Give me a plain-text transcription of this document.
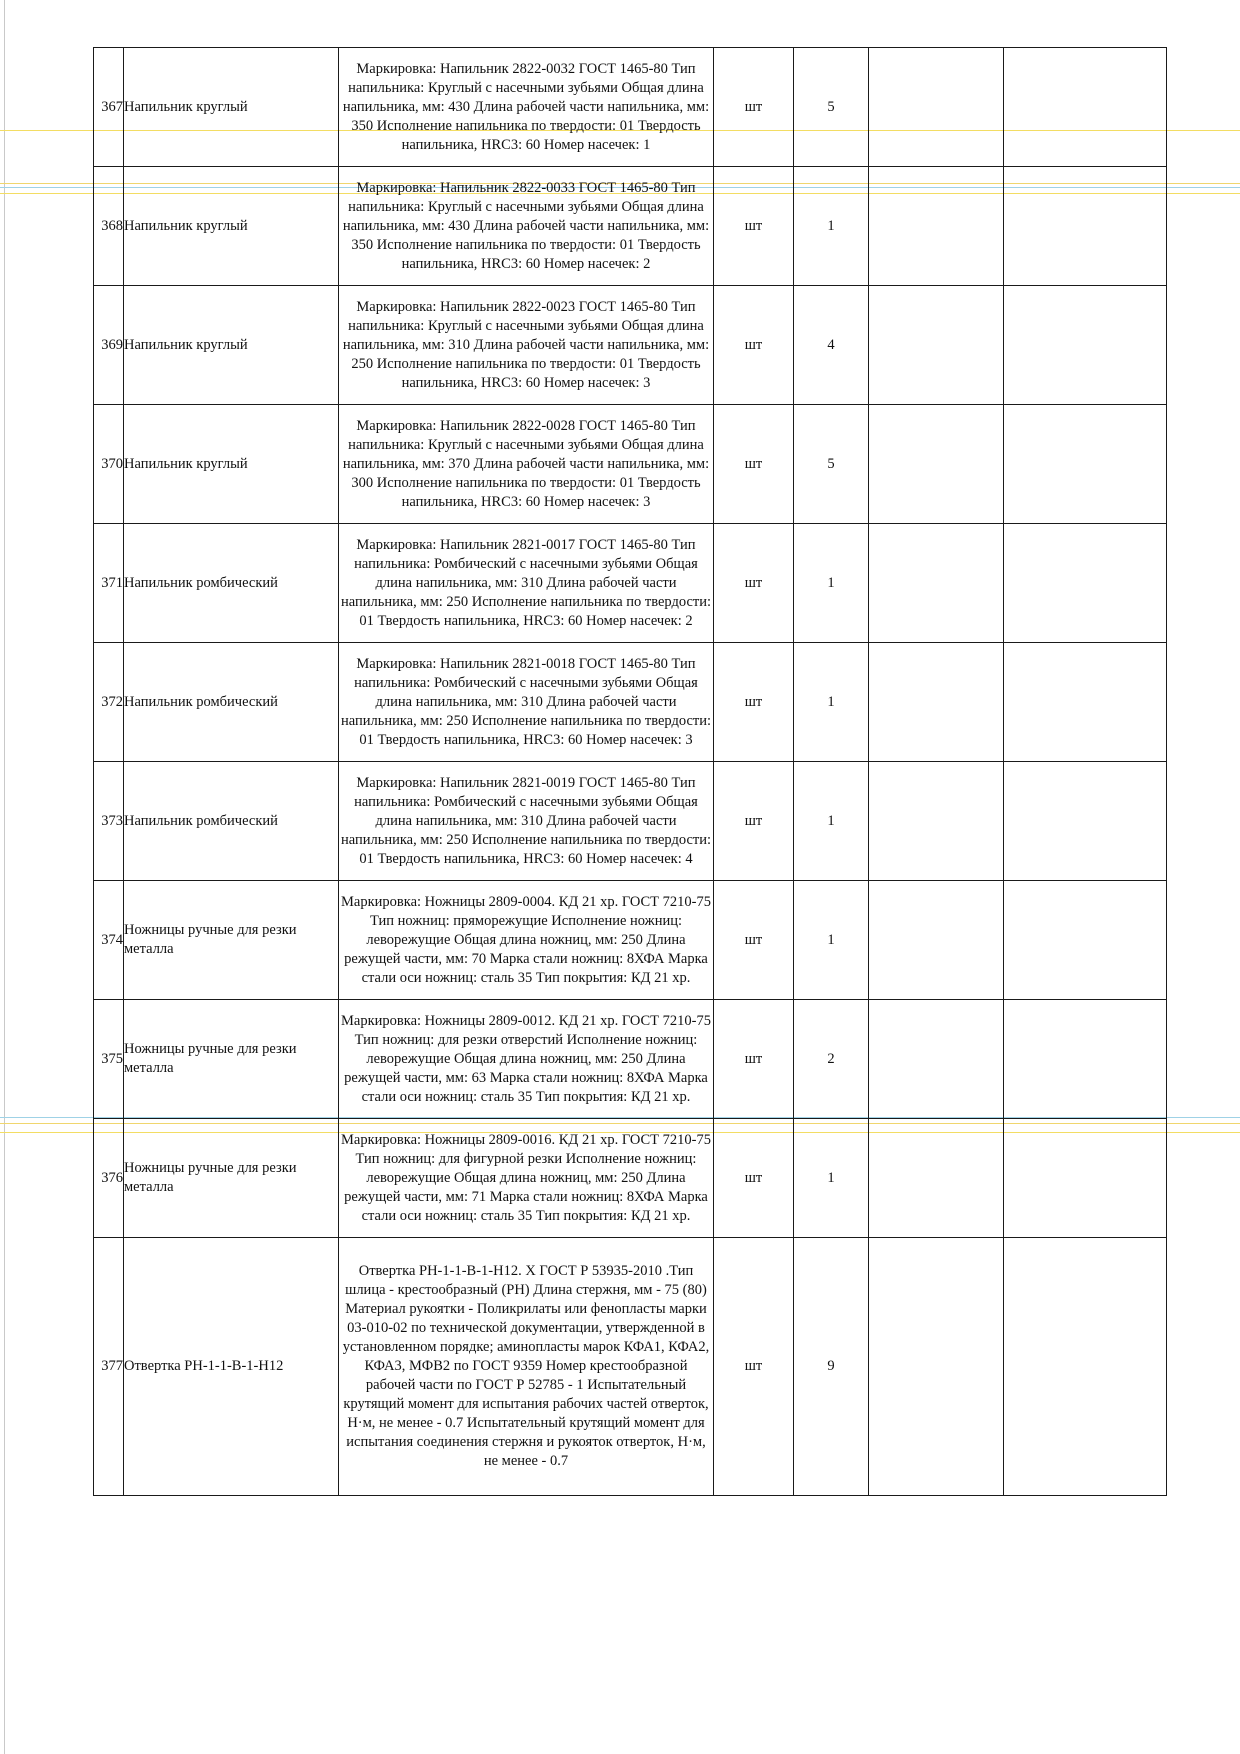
367	Напильник круглый	Маркировка: Напильник 2822-0032 ГОСТ 1465-80 Тип напильника: Круглый с насечными зубьями Общая длина напильника, мм: 430 Длина рабочей части напильника, мм: 350 Исполнение напильника по твердости: 01 Твердость напильника, HRC3: 60 Номер насечек: 1	шт	5		
368	Напильник круглый	Маркировка: Напильник 2822-0033 ГОСТ 1465-80 Тип напильника: Круглый с насечными зубьями Общая длина напильника, мм: 430 Длина рабочей части напильника, мм: 350 Исполнение напильника по твердости: 01 Твердость напильника, HRC3: 60 Номер насечек: 2	шт	1		
369	Напильник круглый	Маркировка: Напильник 2822-0023 ГОСТ 1465-80 Тип напильника: Круглый с насечными зубьями Общая длина напильника, мм: 310 Длина рабочей части напильника, мм: 250 Исполнение напильника по твердости: 01 Твердость напильника, HRC3: 60 Номер насечек: 3	шт	4		
370	Напильник круглый	Маркировка: Напильник 2822-0028 ГОСТ 1465-80 Тип напильника: Круглый с насечными зубьями Общая длина напильника, мм: 370 Длина рабочей части напильника, мм: 300 Исполнение напильника по твердости: 01 Твердость напильника, HRC3: 60 Номер насечек: 3	шт	5		
371	Напильник ромбический	Маркировка: Напильник 2821-0017 ГОСТ 1465-80 Тип напильника: Ромбический с насечными зубьями Общая длина напильника, мм: 310 Длина рабочей части напильника, мм: 250 Исполнение напильника по твердости: 01 Твердость напильника, HRC3: 60 Номер насечек: 2	шт	1		
372	Напильник ромбический	Маркировка: Напильник 2821-0018 ГОСТ 1465-80 Тип напильника: Ромбический с насечными зубьями Общая длина напильника, мм: 310 Длина рабочей части напильника, мм: 250 Исполнение напильника по твердости: 01 Твердость напильника, HRC3: 60 Номер насечек: 3	шт	1		
373	Напильник ромбический	Маркировка: Напильник 2821-0019 ГОСТ 1465-80 Тип напильника: Ромбический с насечными зубьями Общая длина напильника, мм: 310 Длина рабочей части напильника, мм: 250 Исполнение напильника по твердости: 01 Твердость напильника, HRC3: 60 Номер насечек: 4	шт	1		
374	Ножницы ручные для резки металла	Маркировка: Ножницы 2809-0004. КД 21 хр. ГОСТ 7210-75 Тип ножниц: пряморежущие Исполнение ножниц: леворежущие Общая длина ножниц, мм: 250 Длина режущей части, мм: 70 Марка стали ножниц: 8ХФА Марка стали оси ножниц: сталь 35 Тип покрытия: КД 21 хр.	шт	1		
375	Ножницы ручные для резки металла	Маркировка: Ножницы 2809-0012. КД 21 хр. ГОСТ 7210-75 Тип ножниц: для резки отверстий Исполнение ножниц: леворежущие Общая длина ножниц, мм: 250 Длина режущей части, мм: 63 Марка стали ножниц: 8ХФА Марка стали оси ножниц: сталь 35 Тип покрытия: КД 21 хр.	шт	2		
376	Ножницы ручные для резки металла	Маркировка: Ножницы 2809-0016. КД 21 хр. ГОСТ 7210-75 Тип ножниц: для фигурной резки Исполнение ножниц: леворежущие Общая длина ножниц, мм: 250 Длина режущей части, мм: 71 Марка стали ножниц: 8ХФА Марка стали оси ножниц: сталь 35 Тип покрытия: КД 21 хр.	шт	1		
377	Отвертка PH-1-1-B-1-H12	Отвертка PH-1-1-B-1-H12. Х ГОСТ Р 53935-2010 .Тип шлица - крестообразный (PH) Длина стержня, мм - 75 (80) Материал рукоятки - Поликрилаты или фенопласты марки 03-010-02 по технической документации, утвержденной в установленном порядке; аминопласты марок КФА1, КФА2, КФА3, МФВ2 по ГОСТ 9359 Номер крестообразной рабочей части по ГОСТ Р 52785 - 1 Испытательный крутящий момент для испытания рабочих частей отверток, Н·м, не менее - 0.7 Испытательный крутящий момент для испытания соединения стержня и рукояток отверток, Н·м, не менее - 0.7	шт	9		
